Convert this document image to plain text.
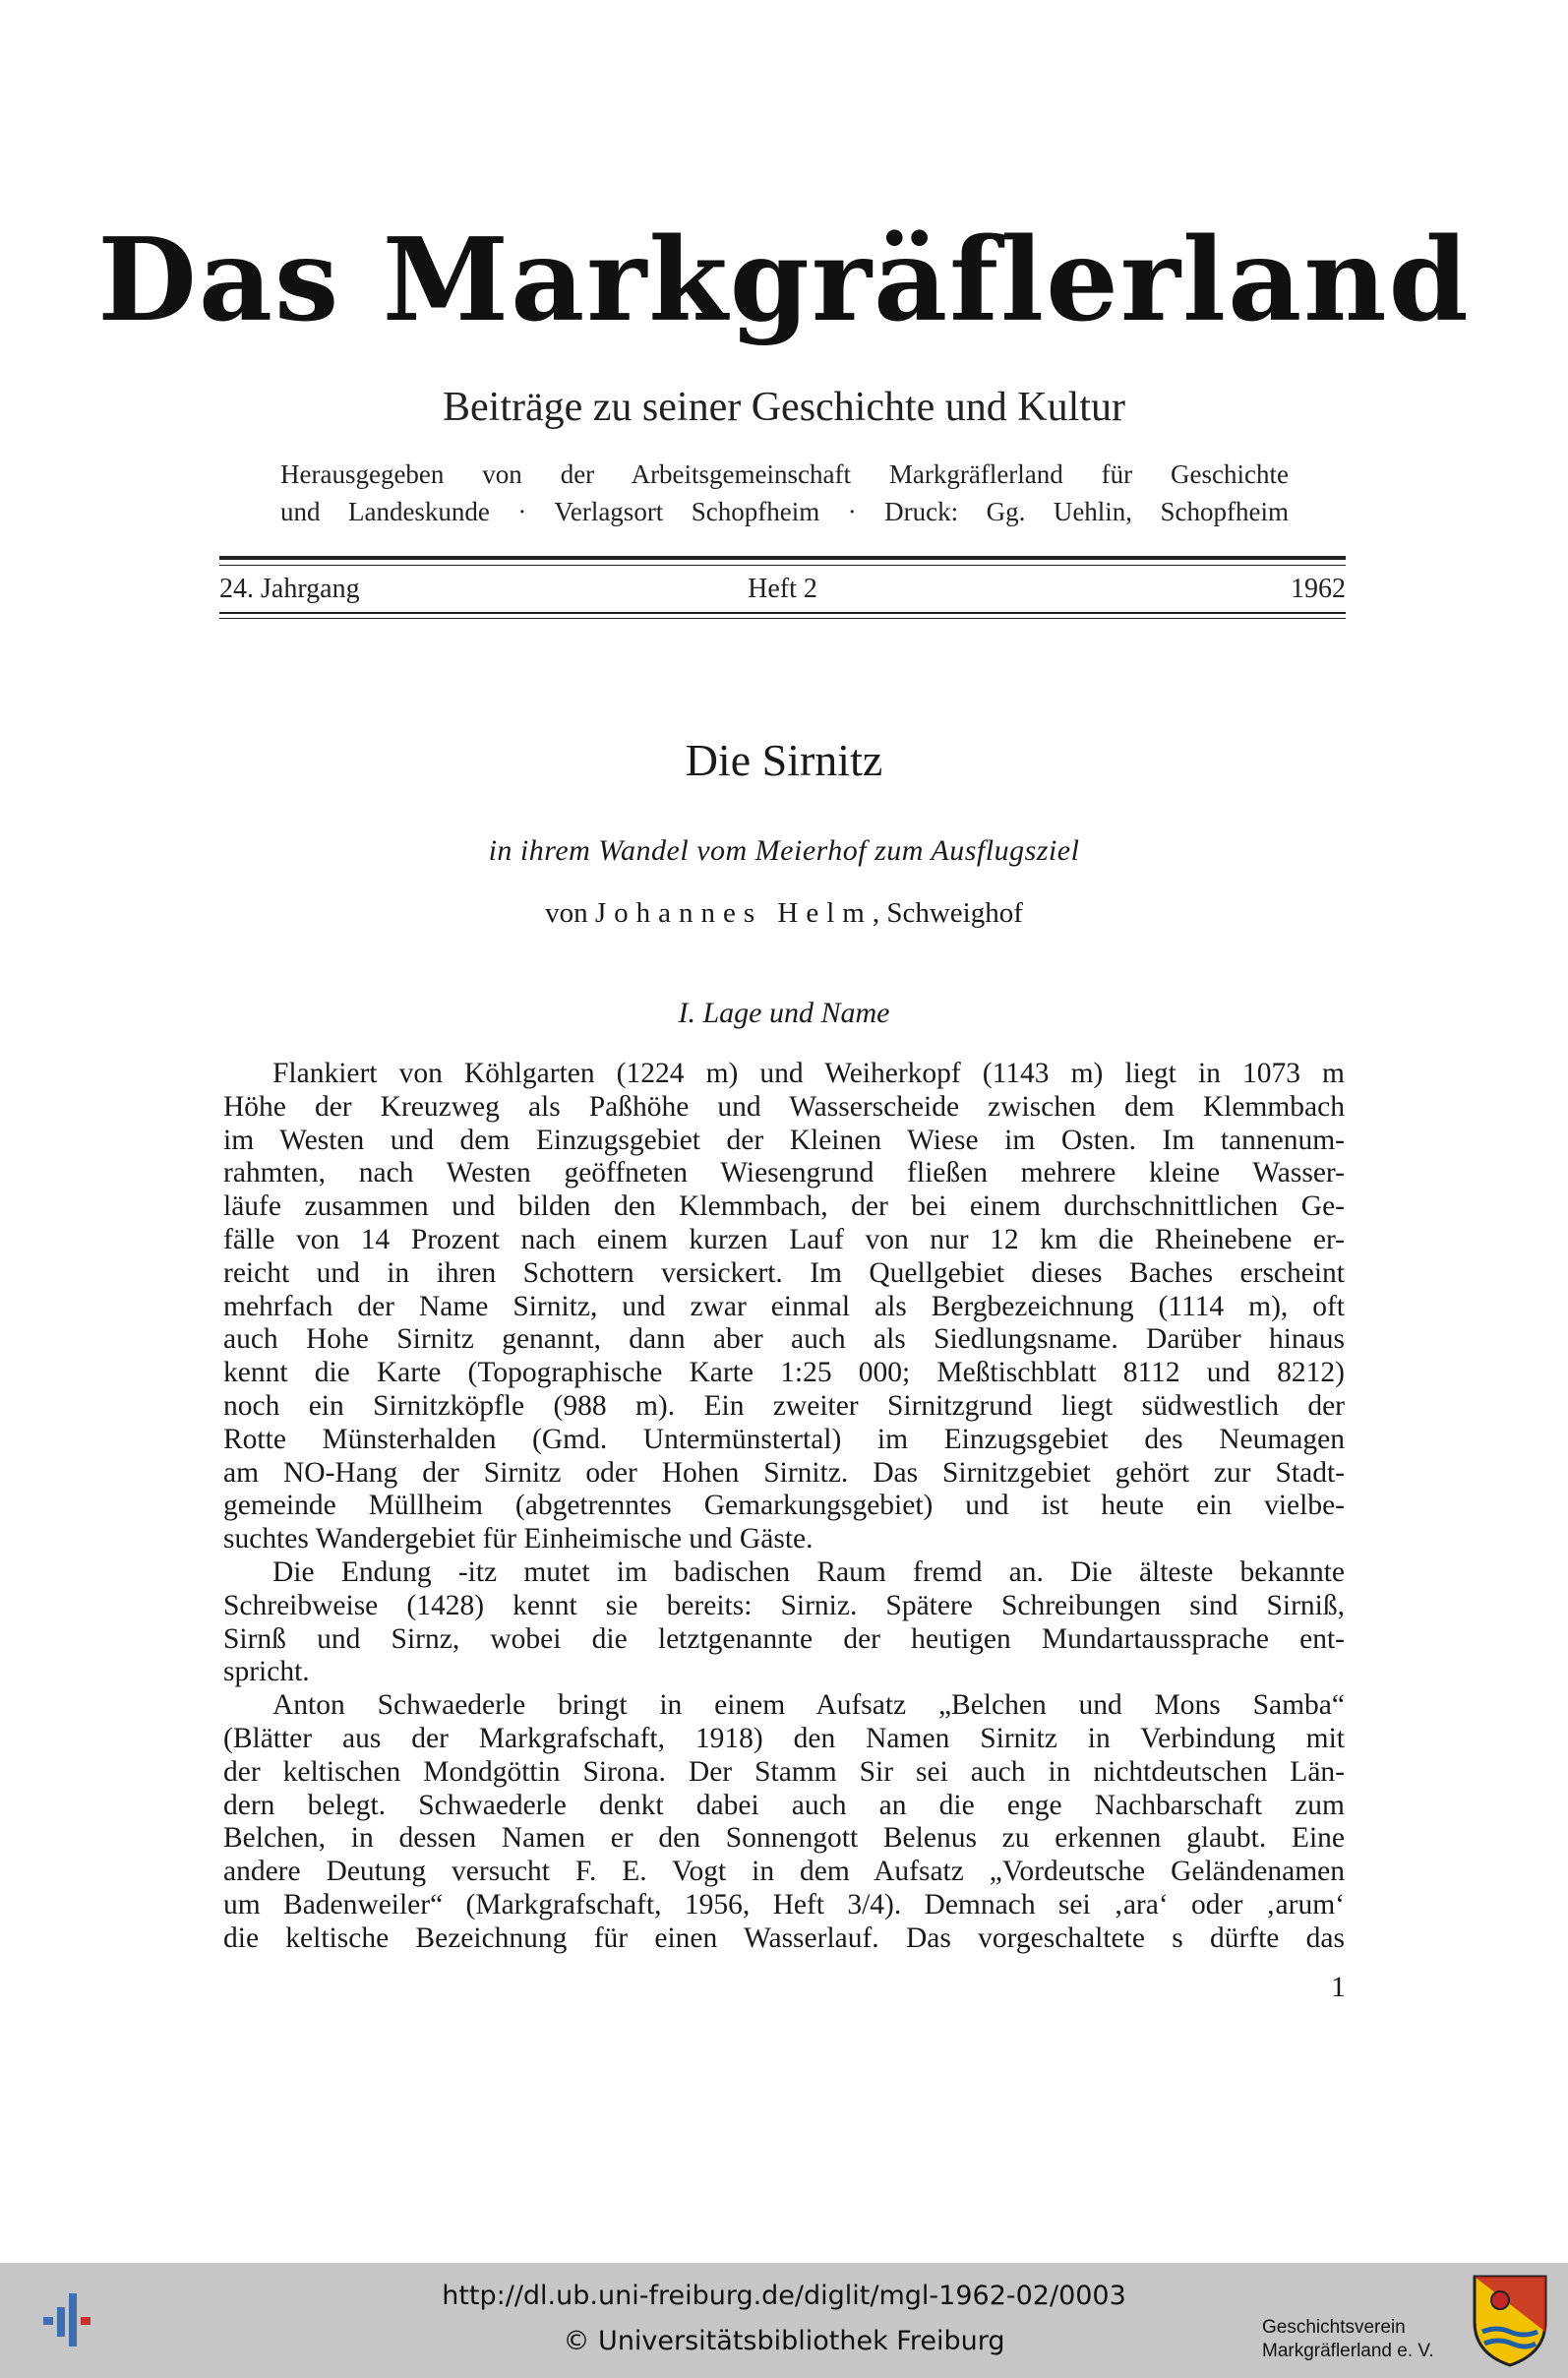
Das Markgräflerland
Beiträge zu seiner Geschichte und Kultur
Herausgegeben von der Arbeitsgemeinschaft Markgräflerland für Geschichte
und Landeskunde · Verlagsort Schopfheim · Druck: Gg. Uehlin, Schopfheim
24. Jahrgang	Heft 2	1962
Die Sirnitz
in ihrem Wandel vom Meierhof zum Ausflugsziel
von Johannes Helm, Schweighof
I. Lage und Name
Flankiert von Köhlgarten (1224 m) und Weiherkopf (1143 m) liegt in 1073 m
Höhe der Kreuzweg als Paßhöhe und Wasserscheide zwischen dem Klemmbach
im Westen und dem Einzugsgebiet der Kleinen Wiese im Osten. Im tannenum-
rahmten, nach Westen geöffneten Wiesengrund fließen mehrere kleine Wasser-
läufe zusammen und bilden den Klemmbach, der bei einem durchschnittlichen Ge-
fälle von 14 Prozent nach einem kurzen Lauf von nur 12 km die Rheinebene er-
reicht und in ihren Schottern versickert. Im Quellgebiet dieses Baches erscheint
mehrfach der Name Sirnitz, und zwar einmal als Bergbezeichnung (1114 m), oft
auch Hohe Sirnitz genannt, dann aber auch als Siedlungsname. Darüber hinaus
kennt die Karte (Topographische Karte 1:25 000; Meßtischblatt 8112 und 8212)
noch ein Sirnitzköpfle (988 m). Ein zweiter Sirnitzgrund liegt südwestlich der
Rotte Münsterhalden (Gmd. Untermünstertal) im Einzugsgebiet des Neumagen
am NO-Hang der Sirnitz oder Hohen Sirnitz. Das Sirnitzgebiet gehört zur Stadt-
gemeinde Müllheim (abgetrenntes Gemarkungsgebiet) und ist heute ein vielbe-
suchtes Wandergebiet für Einheimische und Gäste.
Die Endung -itz mutet im badischen Raum fremd an. Die älteste bekannte
Schreibweise (1428) kennt sie bereits: Sirniz. Spätere Schreibungen sind Sirniß,
Sirnß und Sirnz, wobei die letztgenannte der heutigen Mundartaussprache ent-
spricht.
Anton Schwaederle bringt in einem Aufsatz „Belchen und Mons Samba“
(Blätter aus der Markgrafschaft, 1918) den Namen Sirnitz in Verbindung mit
der keltischen Mondgöttin Sirona. Der Stamm Sir sei auch in nichtdeutschen Län-
dern belegt. Schwaederle denkt dabei auch an die enge Nachbarschaft zum
Belchen, in dessen Namen er den Sonnengott Belenus zu erkennen glaubt. Eine
andere Deutung versucht F. E. Vogt in dem Aufsatz „Vordeutsche Geländenamen
um Badenweiler“ (Markgrafschaft, 1956, Heft 3/4). Demnach sei ‚ara‘ oder ‚arum‘
die keltische Bezeichnung für einen Wasserlauf. Das vorgeschaltete s dürfte das
1
http://dl.ub.uni-freiburg.de/diglit/mgl-1962-02/0003
© Universitätsbibliothek Freiburg	Geschichtsverein
Markgräflerland e. V.
